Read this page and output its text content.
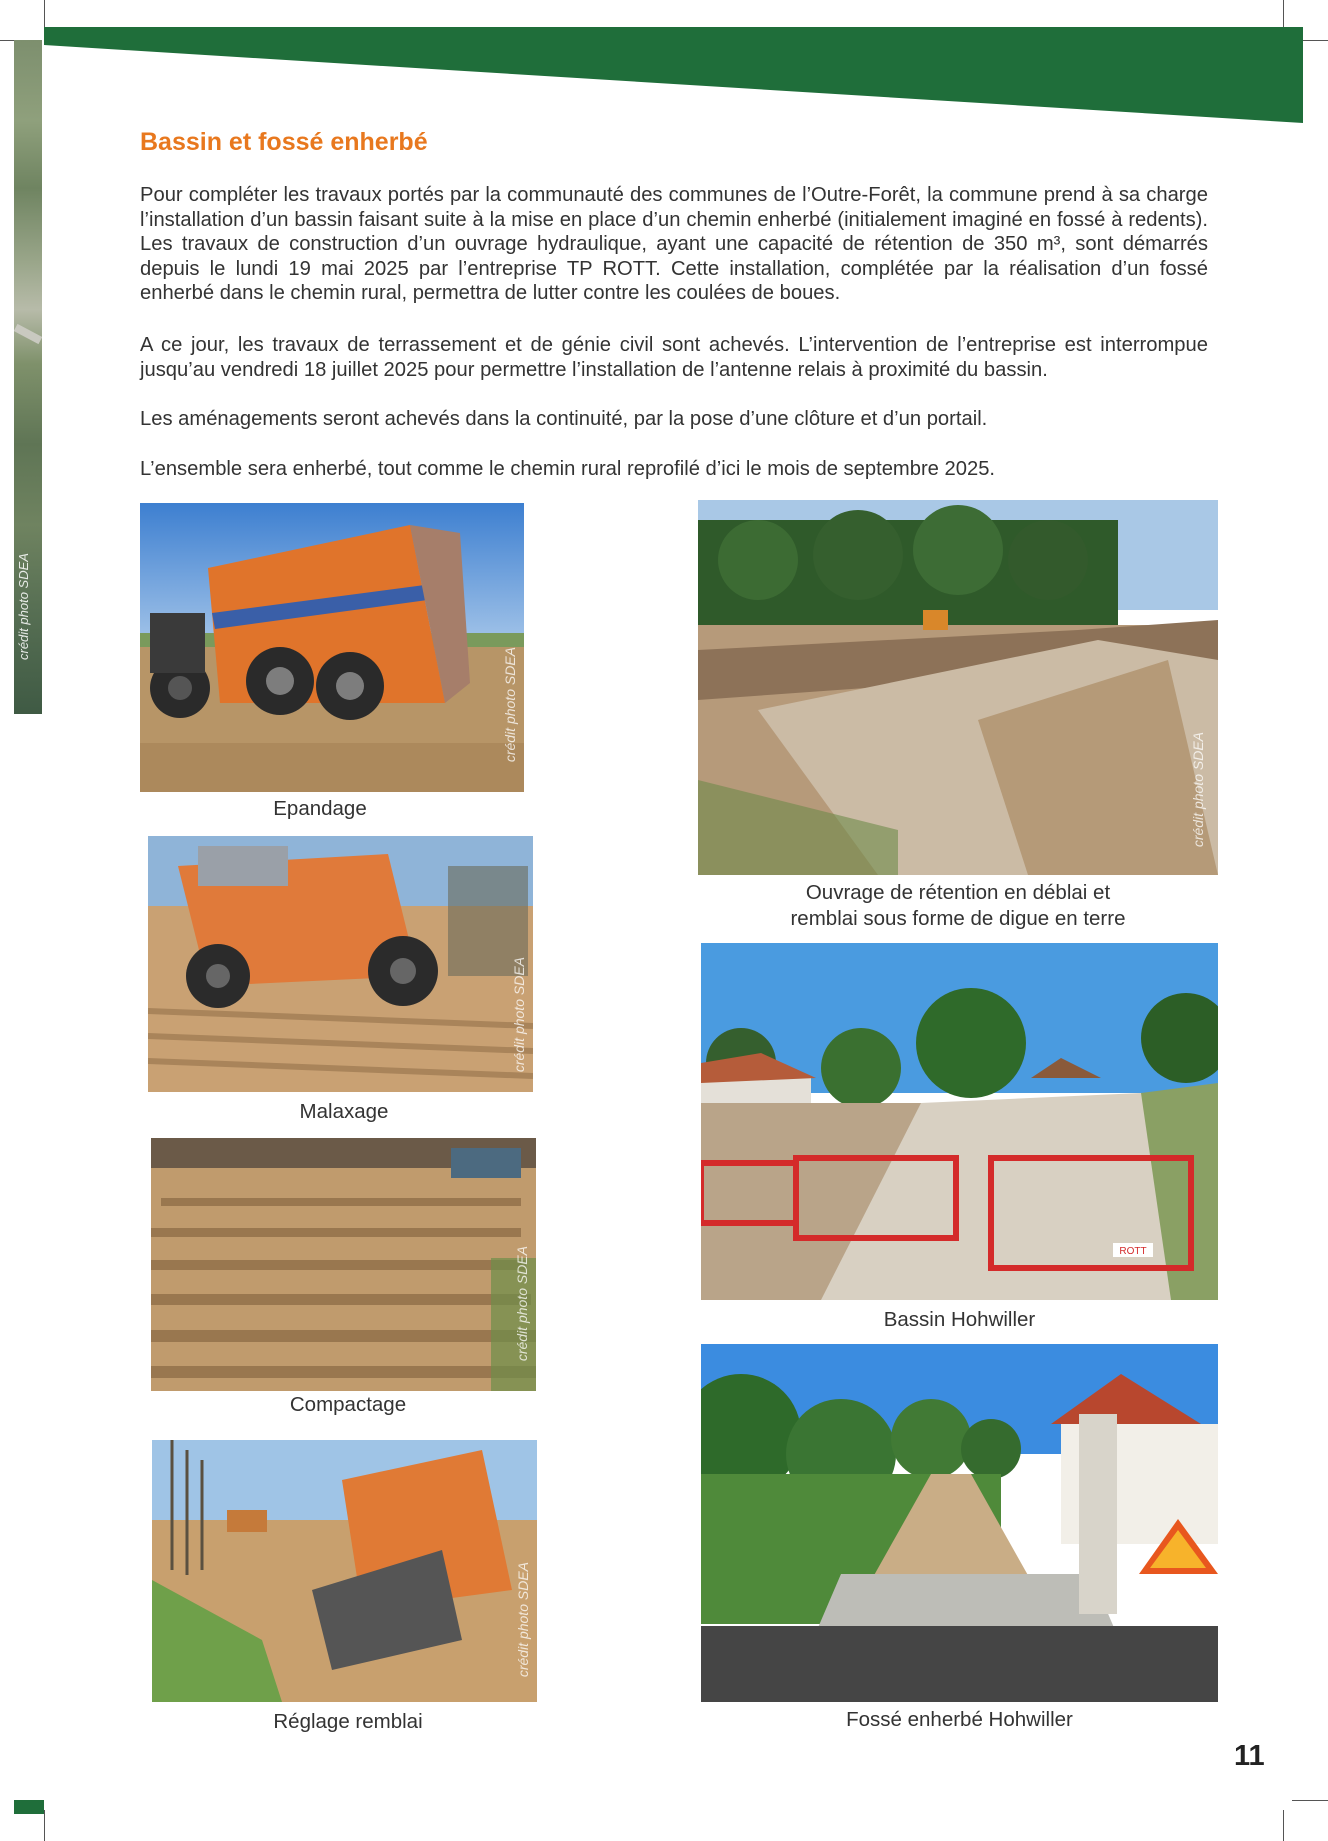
crédit photo SDEA
Bassin et fossé enherbé

Pour compléter les travaux portés par la communauté des communes de l’Outre-Forêt, la commune prend à sa charge l’installation d’un bassin faisant suite à la mise en place d’un chemin enherbé (initialement imaginé en fossé à redents). Les travaux de construction d’un ouvrage hydraulique, ayant une capacité de rétention de 350 m³, sont démarrés depuis le lundi 19 mai 2025 par l’entreprise TP ROTT. Cette installation, complétée par la réalisation d’un fossé enherbé dans le chemin rural, permettra de lutter contre les coulées de boues.

A ce jour, les travaux de terrassement et de génie civil sont achevés. L’intervention de l’entreprise est interrompue jusqu’au vendredi 18 juillet 2025 pour permettre l’installation de l’antenne relais à proximité du bassin.

Les aménagements seront achevés dans la continuité, par la pose d’une clôture et d’un portail.

L’ensemble sera enherbé, tout comme le chemin rural reprofilé d’ici le mois de septembre 2025.

crédit photo SDEA
Epandage
crédit photo SDEA
Malaxage
crédit photo SDEA
Compactage
crédit photo SDEA
Réglage remblai
crédit photo SDEA
Ouvrage de rétention en déblai et
remblai sous forme de digue en terre
ROTT
Bassin Hohwiller
Fossé enherbé Hohwiller
11
